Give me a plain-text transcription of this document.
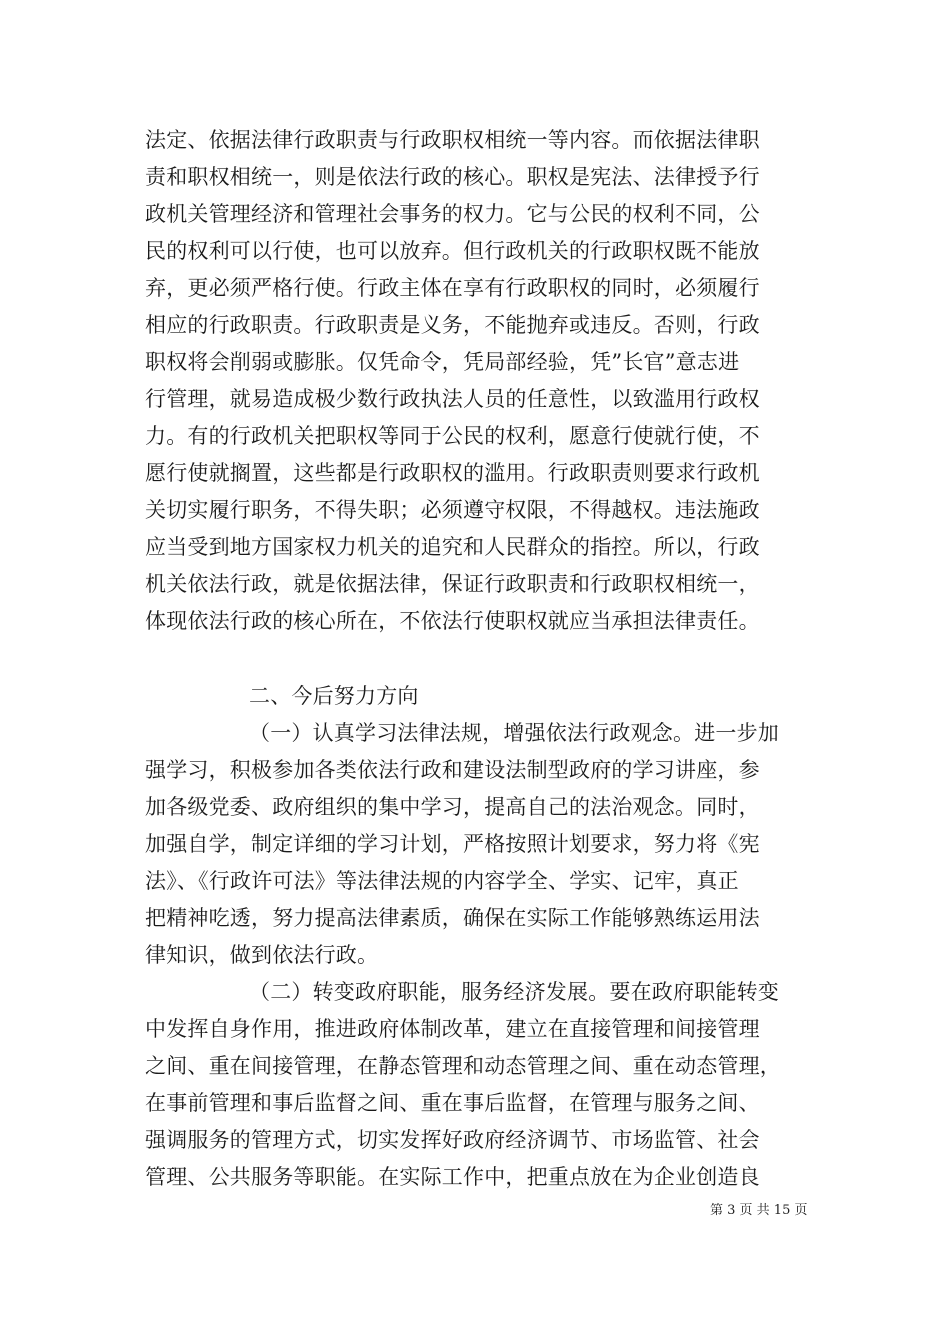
法定、依据法律行政职责与行政职权相统一等内容。而依据法律职
责和职权相统一，则是依法行政的核心。职权是宪法、法律授予行
政机关管理经济和管理社会事务的权力。它与公民的权利不同，公
民的权利可以行使，也可以放弃。但行政机关的行政职权既不能放
弃，更必须严格行使。行政主体在享有行政职权的同时，必须履行
相应的行政职责。行政职责是义务，不能抛弃或违反。否则，行政
职权将会削弱或膨胀。仅凭命令，凭局部经验，凭”长官”意志进
行管理，就易造成极少数行政执法人员的任意性，以致滥用行政权
力。有的行政机关把职权等同于公民的权利，愿意行使就行使，不
愿行使就搁置，这些都是行政职权的滥用。行政职责则要求行政机
关切实履行职务，不得失职；必须遵守权限，不得越权。违法施政
应当受到地方国家权力机关的追究和人民群众的指控。所以，行政
机关依法行政，就是依据法律，保证行政职责和行政职权相统一，
体现依法行政的核心所在，不依法行使职权就应当承担法律责任。
二、今后努力方向
（一）认真学习法律法规，增强依法行政观念。进一步加
强学习，积极参加各类依法行政和建设法制型政府的学习讲座，参
加各级党委、政府组织的集中学习，提高自己的法治观念。同时，
加强自学，制定详细的学习计划，严格按照计划要求，努力将《宪
法》、《行政许可法》等法律法规的内容学全、学实、记牢，真正
把精神吃透，努力提高法律素质，确保在实际工作能够熟练运用法
律知识，做到依法行政。
（二）转变政府职能，服务经济发展。要在政府职能转变
中发挥自身作用，推进政府体制改革，建立在直接管理和间接管理
之间、重在间接管理，在静态管理和动态管理之间、重在动态管理，
在事前管理和事后监督之间、重在事后监督，在管理与服务之间、
强调服务的管理方式，切实发挥好政府经济调节、市场监管、社会
管理、公共服务等职能。在实际工作中，把重点放在为企业创造良
第 3 页 共 15 页
